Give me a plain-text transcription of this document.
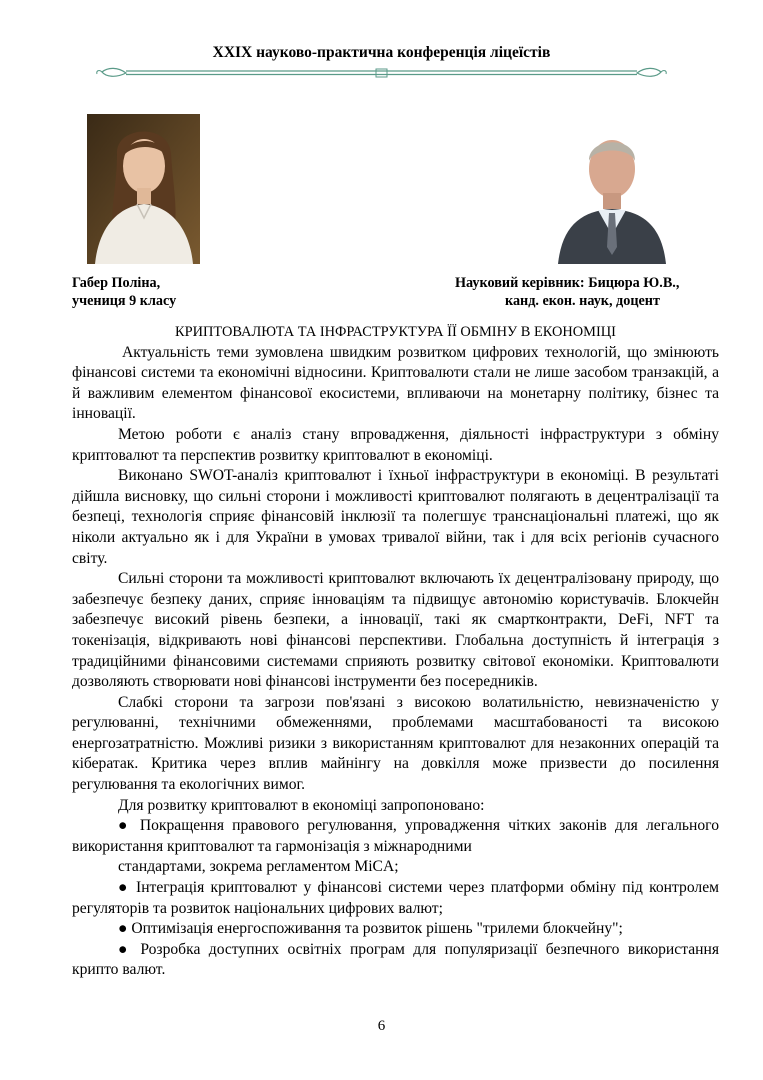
XXIX науково-практична конференція ліцеїстів
Габер Поліна,
учениця 9 класу
Науковий керівник: Бицюра Ю.В.,
канд. екон. наук, доцент
КРИПТОВАЛЮТА ТА ІНФРАСТРУКТУРА ЇЇ ОБМІНУ В ЕКОНОМІЦІ

Актуальність теми зумовлена швидким розвитком цифрових технологій, що змінюють фінансові системи та економічні відносини. Криптовалюти стали не лише засобом транзакцій, а й важливим елементом фінансової екосистеми, впливаючи на монетарну політику, бізнес та інновації.

Метою роботи є аналіз стану впровадження, діяльності інфраструктури з обміну криптовалют та перспектив розвитку криптовалют в економіці.

Виконано SWOT-аналіз криптовалют і їхньої інфраструктури в економіці. В результаті дійшла висновку, що сильні сторони і можливості криптовалют полягають в децентралізації та безпеці, технологія сприяє фінансовій інклюзії та полегшує транснаціональні платежі, що як ніколи актуально як і для України в умовах тривалої війни, так і для всіх регіонів сучасного світу.

Сильні сторони та можливості криптовалют включають їх децентралізовану природу, що забезпечує безпеку даних, сприяє інноваціям та підвищує автономію користувачів. Блокчейн забезпечує високий рівень безпеки, а інновації, такі як смартконтракти, DeFi, NFT та токенізація, відкривають нові фінансові перспективи. Глобальна доступність й інтеграція з традиційними фінансовими системами сприяють розвитку світової економіки. Криптовалюти дозволяють створювати нові фінансові інструменти без посередників.

Слабкі сторони та загрози пов'язані з високою волатильністю, невизначеністю у регулюванні, технічними обмеженнями, проблемами масштабованості та високою енергозатратністю. Можливі ризики з використанням криптовалют для незаконних операцій та кібератак. Критика через вплив майнінгу на довкілля може призвести до посилення регулювання та екологічних вимог.

Для розвитку криптовалют в економіці запропоновано:

● Покращення правового регулювання, упровадження чітких законів для легального використання криптовалют та гармонізація з міжнародними

стандартами, зокрема регламентом MiCA;

● Інтеграція криптовалют у фінансові системи через платформи обміну під контролем регуляторів та розвиток національних цифрових валют;

● Оптимізація енергоспоживання та розвиток рішень "трилеми блокчейну";

● Розробка доступних освітніх програм для популяризації безпечного використання крипто валют.

6
